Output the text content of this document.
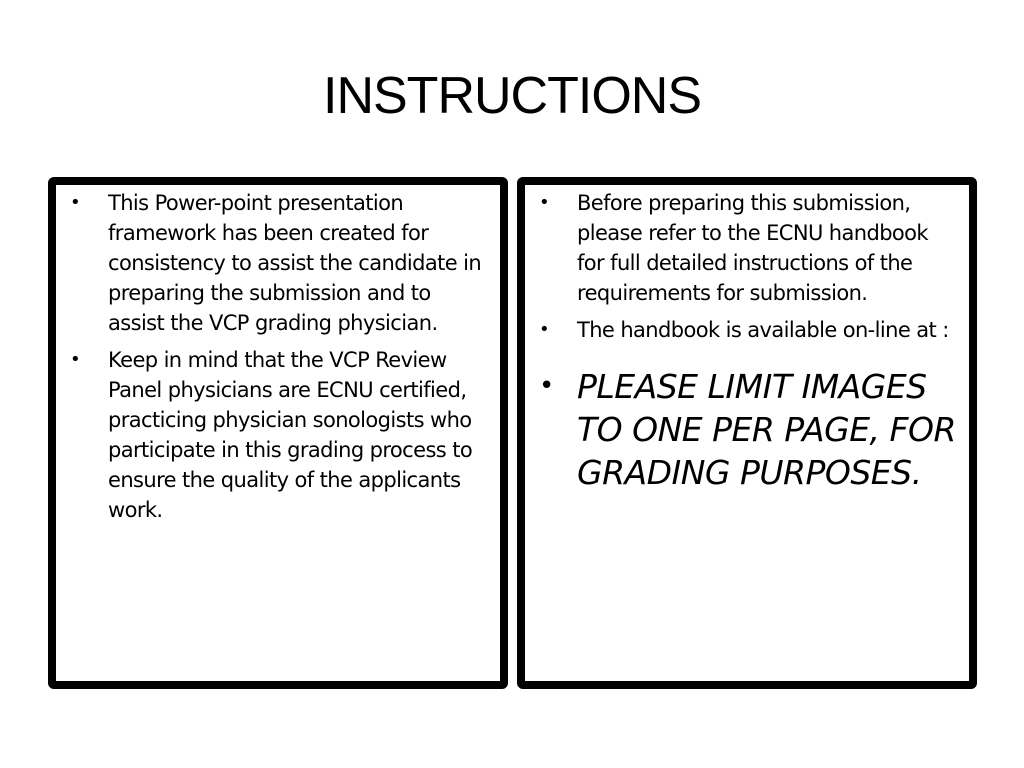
INSTRUCTIONS
• This Power-point presentation framework has been created for consistency to assist the candidate in preparing the submission and to assist the VCP grading physician.
• Keep in mind that the VCP Review Panel physicians are ECNU certified, practicing physician sonologists who participate in this grading process to ensure the quality of the applicants work.
• Before preparing this submission, please refer to the ECNU handbook for full detailed instructions of the requirements for submission.
• The handbook is available on-line at :
• PLEASE LIMIT IMAGES TO ONE PER PAGE, FOR GRADING PURPOSES.
